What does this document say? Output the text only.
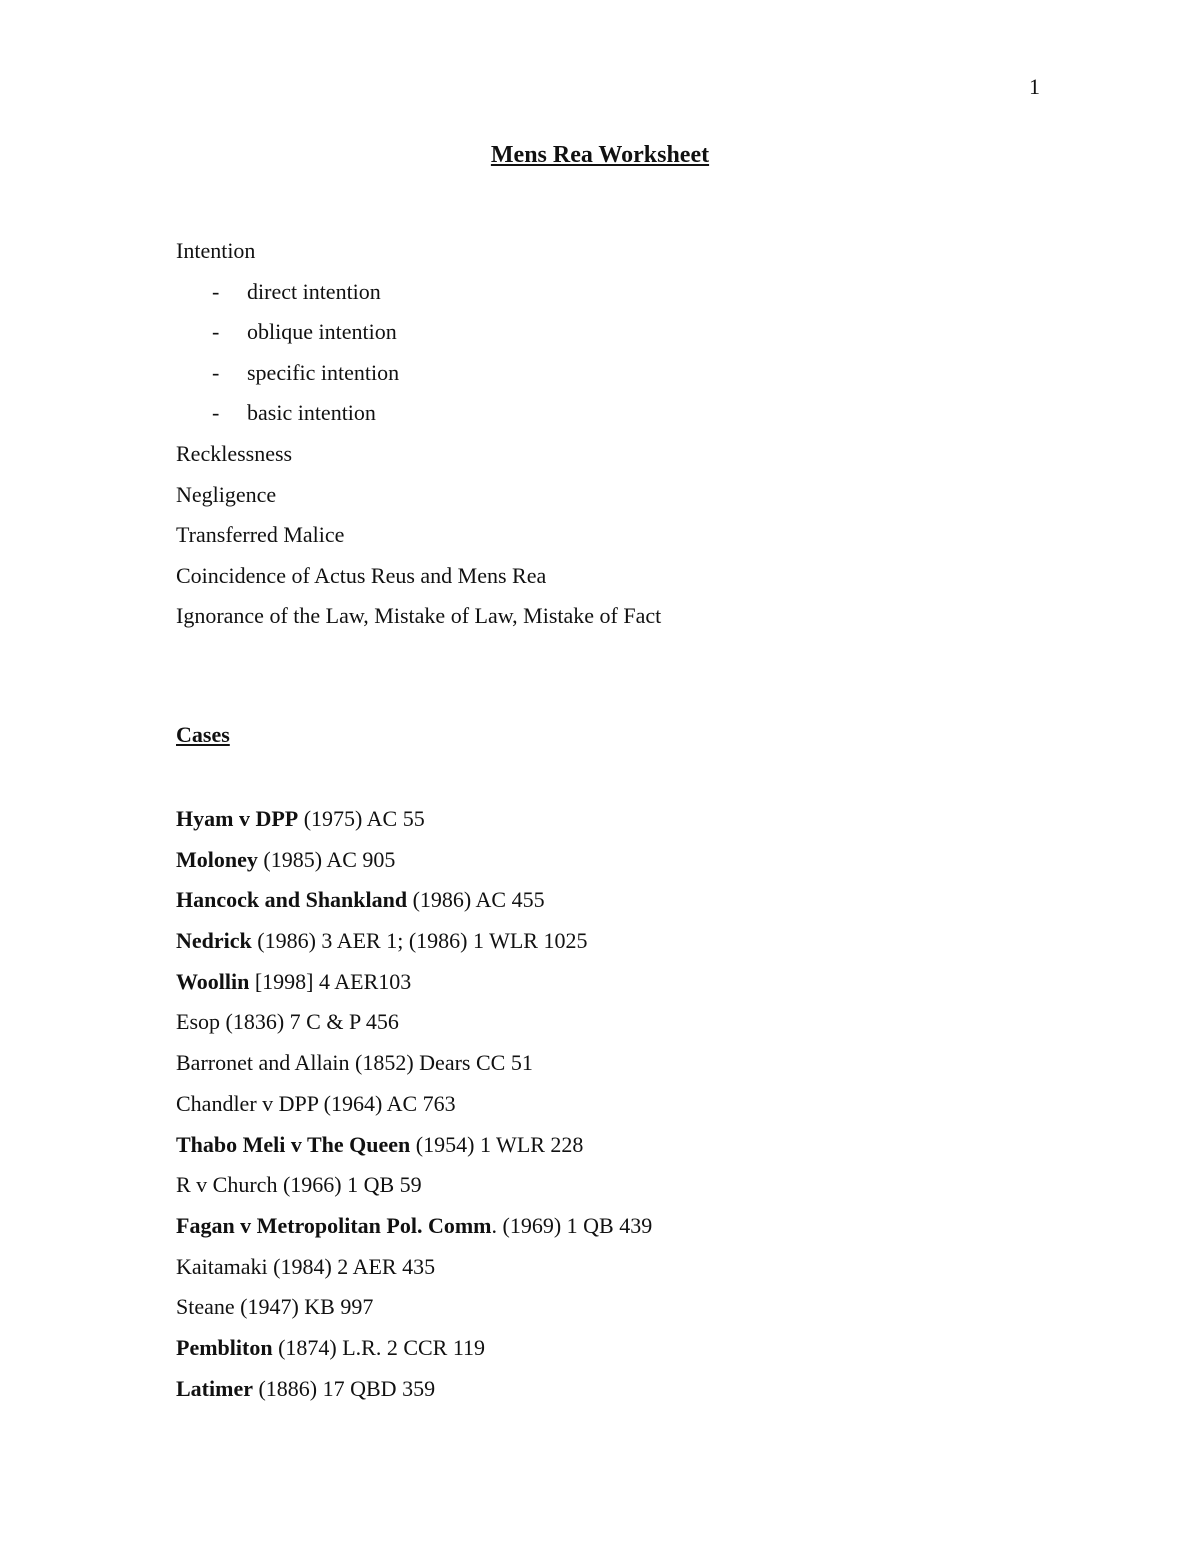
1
Mens Rea Worksheet
Intention
-	direct intention
-	oblique intention
-	specific intention
-	basic intention
Recklessness
Negligence
Transferred Malice
Coincidence of Actus Reus and Mens Rea
Ignorance of the Law, Mistake of Law, Mistake of Fact
Cases
Hyam v DPP (1975) AC 55
Moloney (1985) AC 905
Hancock and Shankland (1986) AC 455
Nedrick (1986) 3 AER 1; (1986) 1 WLR 1025
Woollin [1998] 4 AER103
Esop (1836) 7 C & P 456
Barronet and Allain (1852) Dears CC 51
Chandler v DPP (1964) AC 763
Thabo Meli v The Queen (1954) 1 WLR 228
R v Church (1966) 1 QB 59
Fagan v Metropolitan Pol. Comm. (1969) 1 QB 439
Kaitamaki (1984) 2 AER 435
Steane (1947) KB 997
Pembliton (1874) L.R. 2 CCR 119
Latimer (1886) 17 QBD 359
